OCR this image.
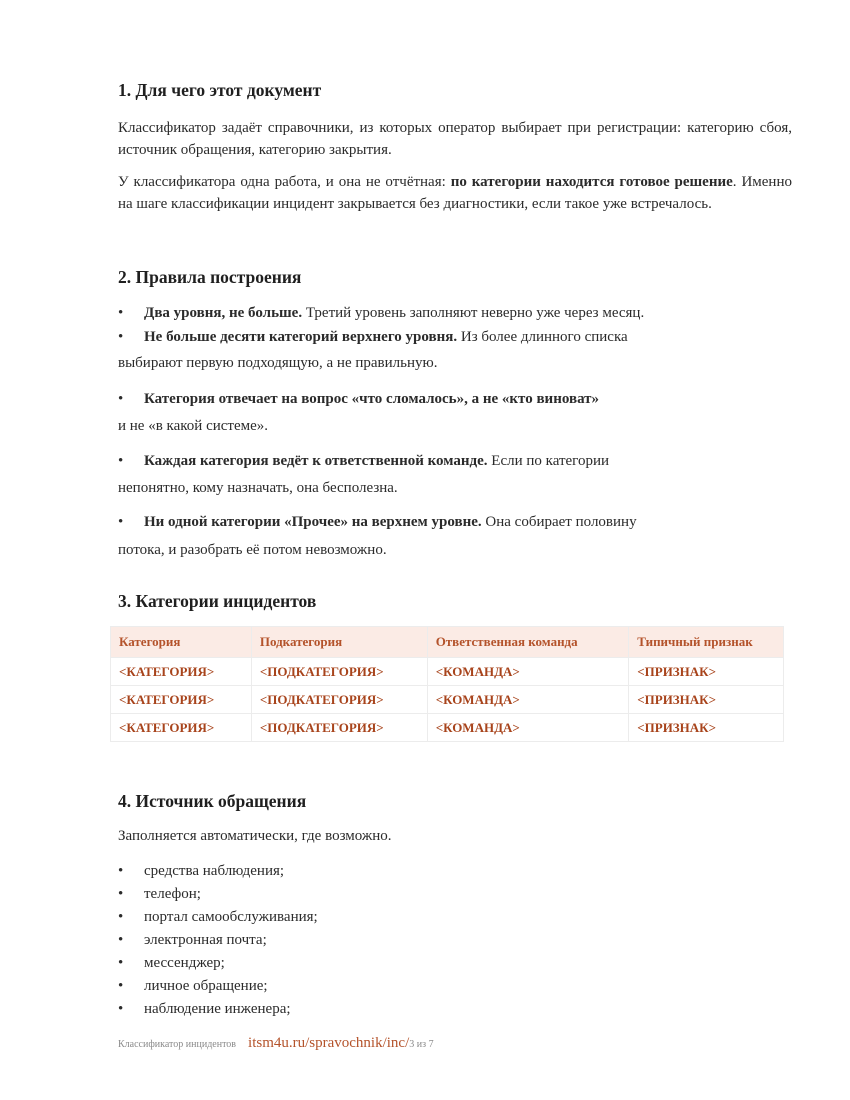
1. Для чего этот документ

Классификатор задаёт справочники, из которых оператор выбирает при регистрации: категорию сбоя, источник обращения, категорию закрытия.

У классификатора одна работа, и она не отчётная: по категории находится готовое решение. Именно на шаге классификации инцидент закрывается без диагностики, если такое уже встречалось.

2. Правила построения
• Два уровня, не больше. Третий уровень заполняют неверно уже через месяц.
• Не больше десяти категорий верхнего уровня. Из более длинного списка
выбирают первую подходящую, а не правильную.
• Категория отвечает на вопрос «что сломалось», а не «кто виноват»
и не «в какой системе».
• Каждая категория ведёт к ответственной команде. Если по категории
непонятно, кому назначать, она бесполезна.
• Ни одной категории «Прочее» на верхнем уровне. Она собирает половину
потока, и разобрать её потом невозможно.
3. Категории инцидентов
Категория	Подкатегория	Ответственная команда	Типичный признак
<КАТЕГОРИЯ>	<ПОДКАТЕГОРИЯ>	<КОМАНДА>	<ПРИЗНАК>
<КАТЕГОРИЯ>	<ПОДКАТЕГОРИЯ>	<КОМАНДА>	<ПРИЗНАК>
<КАТЕГОРИЯ>	<ПОДКАТЕГОРИЯ>	<КОМАНДА>	<ПРИЗНАК>
4. Источник обращения
Заполняется автоматически, где возможно.
• средства наблюдения;
• телефон;
• портал самообслуживания;
• электронная почта;
• мессенджер;
• личное обращение;
• наблюдение инженера;
Классификатор инцидентов itsm4u.ru/spravochnik/inc/3 из 7
